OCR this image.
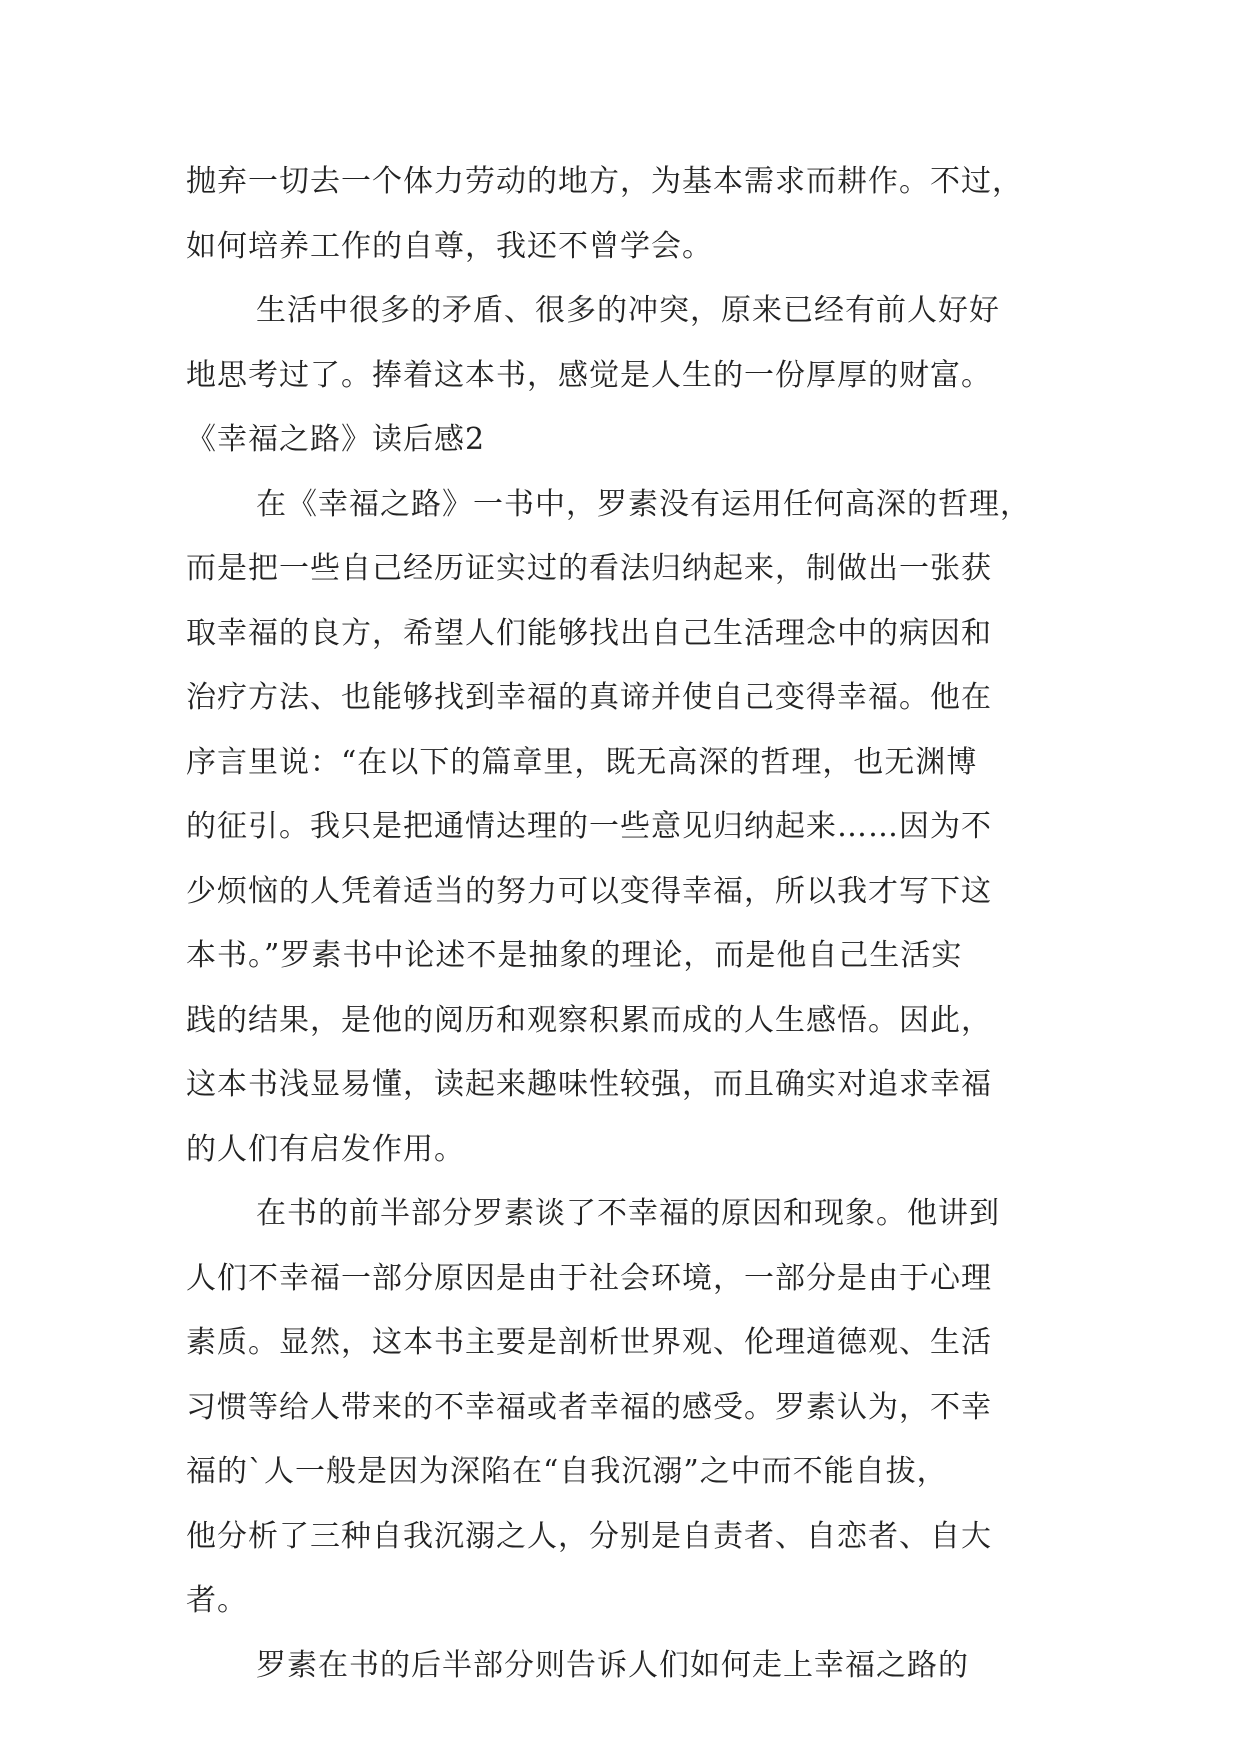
抛弃一切去一个体力劳动的地方，为基本需求而耕作。不过，
如何培养工作的自尊，我还不曾学会。
生活中很多的矛盾、很多的冲突，原来已经有前人好好
地思考过了。捧着这本书，感觉是人生的一份厚厚的财富。
《幸福之路》读后感2
在《幸福之路》一书中，罗素没有运用任何高深的哲理，
而是把一些自己经历证实过的看法归纳起来，制做出一张获
取幸福的良方，希望人们能够找出自己生活理念中的病因和
治疗方法、也能够找到幸福的真谛并使自己变得幸福。他在
序言里说：“在以下的篇章里，既无高深的哲理，也无渊博
的征引。我只是把通情达理的一些意见归纳起来……因为不
少烦恼的人凭着适当的努力可以变得幸福，所以我才写下这
本书。”罗素书中论述不是抽象的理论，而是他自己生活实
践的结果，是他的阅历和观察积累而成的人生感悟。因此，
这本书浅显易懂，读起来趣味性较强，而且确实对追求幸福
的人们有启发作用。
在书的前半部分罗素谈了不幸福的原因和现象。他讲到
人们不幸福一部分原因是由于社会环境，一部分是由于心理
素质。显然，这本书主要是剖析世界观、伦理道德观、生活
习惯等给人带来的不幸福或者幸福的感受。罗素认为，不幸
福的`人一般是因为深陷在“自我沉溺”之中而不能自拔，
他分析了三种自我沉溺之人，分别是自责者、自恋者、自大
者。
罗素在书的后半部分则告诉人们如何走上幸福之路的
